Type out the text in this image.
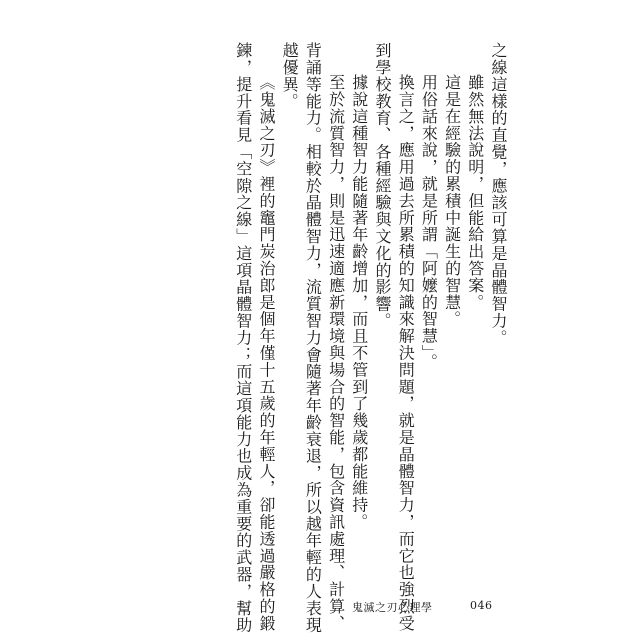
之線這樣的直覺，應該可算是晶體智力。

雖然無法說明，但能給出答案。

這是在經驗的累積中誕生的智慧。

用俗話來說，就是所謂「阿嬤的智慧」。

換言之，應用過去所累積的知識來解決問題，就是晶體智力，而它也強烈受

到學校教育、各種經驗與文化的影響。

據說這種智力能隨著年齡增加，而且不管到了幾歲都能維持。

至於流質智力，則是迅速適應新環境與場合的智能，包含資訊處理、計算、

背誦等能力。相較於晶體智力，流質智力會隨著年齡衰退，所以越年輕的人表現

越優異。

《鬼滅之刃》裡的竈門炭治郎是個年僅十五歲的年輕人，卻能透過嚴格的鍛

鍊，提升看見「空隙之線」這項晶體智力；而這項能力也成為重要的武器，幫助	鬼滅之刃心理學	046
